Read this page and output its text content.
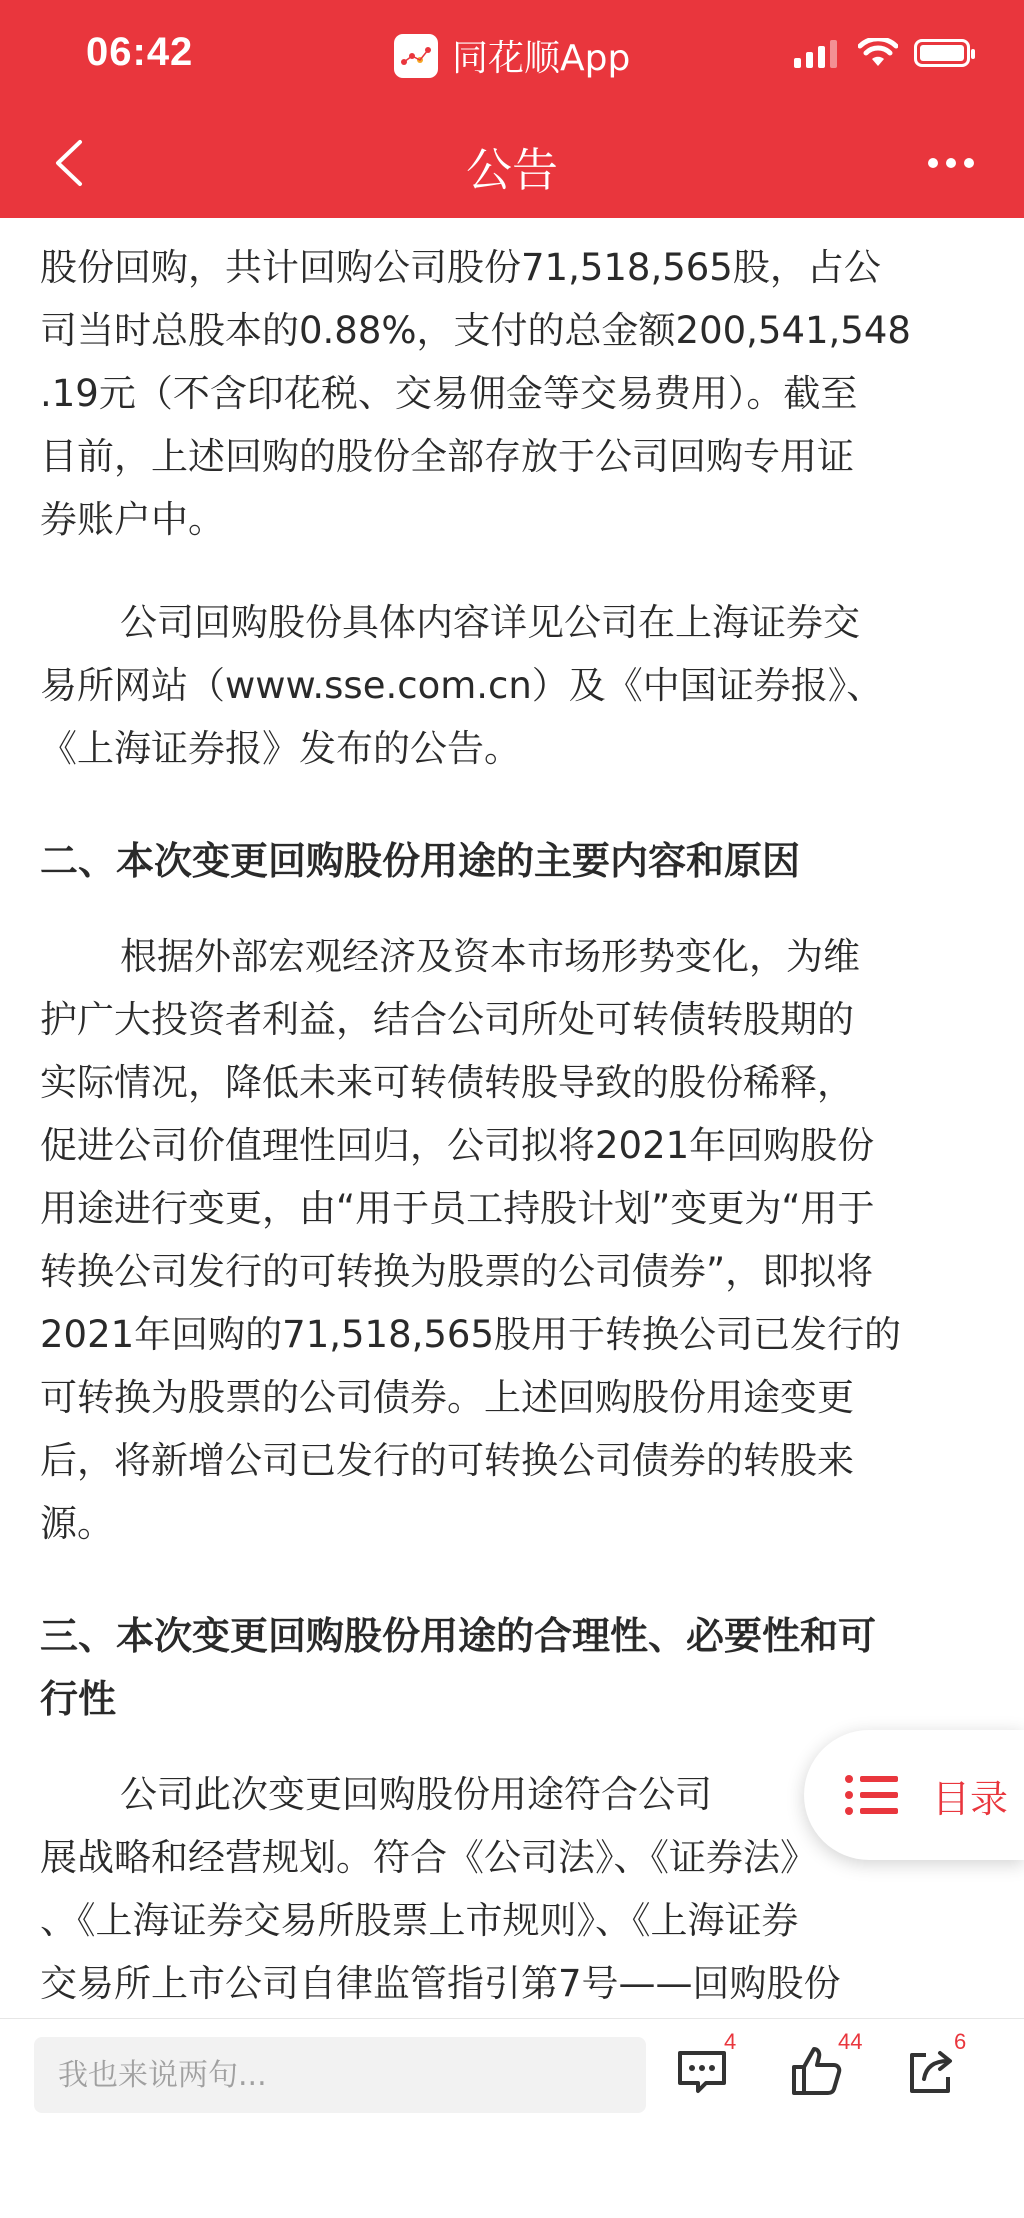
06:42	同花顺App
公告

股份回购，共计回购公司股份71,518,565股，占公

司当时总股本的0.88%，支付的总金额200,541,548

.19元（不含印花税、交易佣金等交易费用）。截至

目前，上述回购的股份全部存放于公司回购专用证

券账户中。

公司回购股份具体内容详见公司在上海证券交

易所网站（www.sse.com.cn）及《中国证券报》、

《上海证券报》发布的公告。

二、本次变更回购股份用途的主要内容和原因

根据外部宏观经济及资本市场形势变化，为维

护广大投资者利益，结合公司所处可转债转股期的

实际情况，降低未来可转债转股导致的股份稀释，

促进公司价值理性回归，公司拟将2021年回购股份

用途进行变更，由“用于员工持股计划”变更为“用于

转换公司发行的可转换为股票的公司债券”，即拟将

2021年回购的71,518,565股用于转换公司已发行的

可转换为股票的公司债券。上述回购股份用途变更

后，将新增公司已发行的可转换公司债券的转股来

源。

三、本次变更回购股份用途的合理性、必要性和可

行性

公司此次变更回购股份用途符合公司

展战略和经营规划。符合《公司法》、《证券法》

、《上海证券交易所股票上市规则》、《上海证券

交易所上市公司自律监管指引第7号——回购股份

目录
我也来说两句...
4	44	6
